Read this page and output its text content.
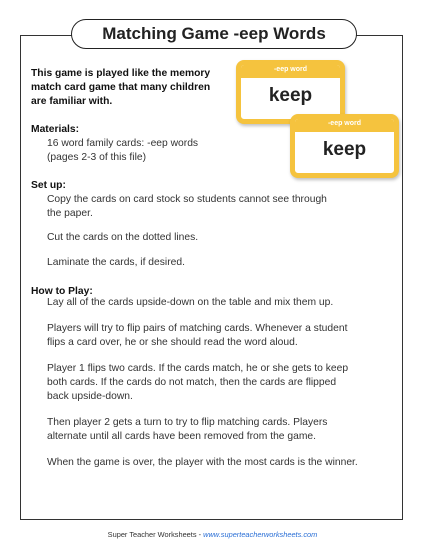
Matching Game -eep Words
This game is played like the memory
match card game that many children
are familiar with.
Materials:
16 word family cards: -eep words
(pages 2-3 of this file)
-eep word
keep
-eep word
keep
Set up:
Copy the cards on card stock so students cannot see through
the paper.
Cut the cards on the dotted lines.
Laminate the cards, if desired.
How to Play:
Lay all of the cards upside-down on the table and mix them up.
Players will try to flip pairs of matching cards. Whenever a student
flips a card over, he or she should read the word aloud.
Player 1 flips two cards. If the cards match, he or she gets to keep
both cards. If the cards do not match, then the cards are flipped
back upside-down.
Then player 2 gets a turn to try to flip matching cards. Players
alternate until all cards have been removed from the game.
When the game is over, the player with the most cards is the winner.
Super Teacher Worksheets - www.superteacherworksheets.com
